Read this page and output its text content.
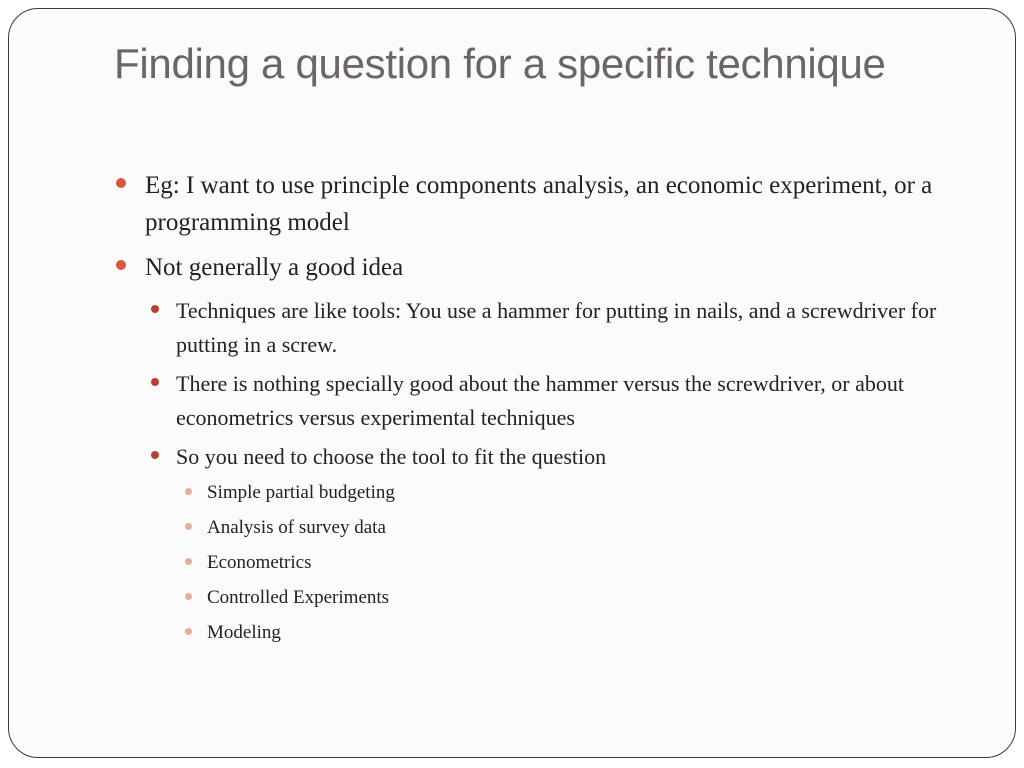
Finding a question for a specific technique
Eg: I want to use principle components analysis, an economic experiment, or a programming model
Not generally a good idea
Techniques are like tools: You use a hammer for putting in nails, and a screwdriver for putting in a screw.
There is nothing specially good about the hammer versus the screwdriver, or about econometrics versus experimental techniques
So you need to choose the tool to fit the question
Simple partial budgeting
Analysis of survey data
Econometrics
Controlled Experiments
Modeling
